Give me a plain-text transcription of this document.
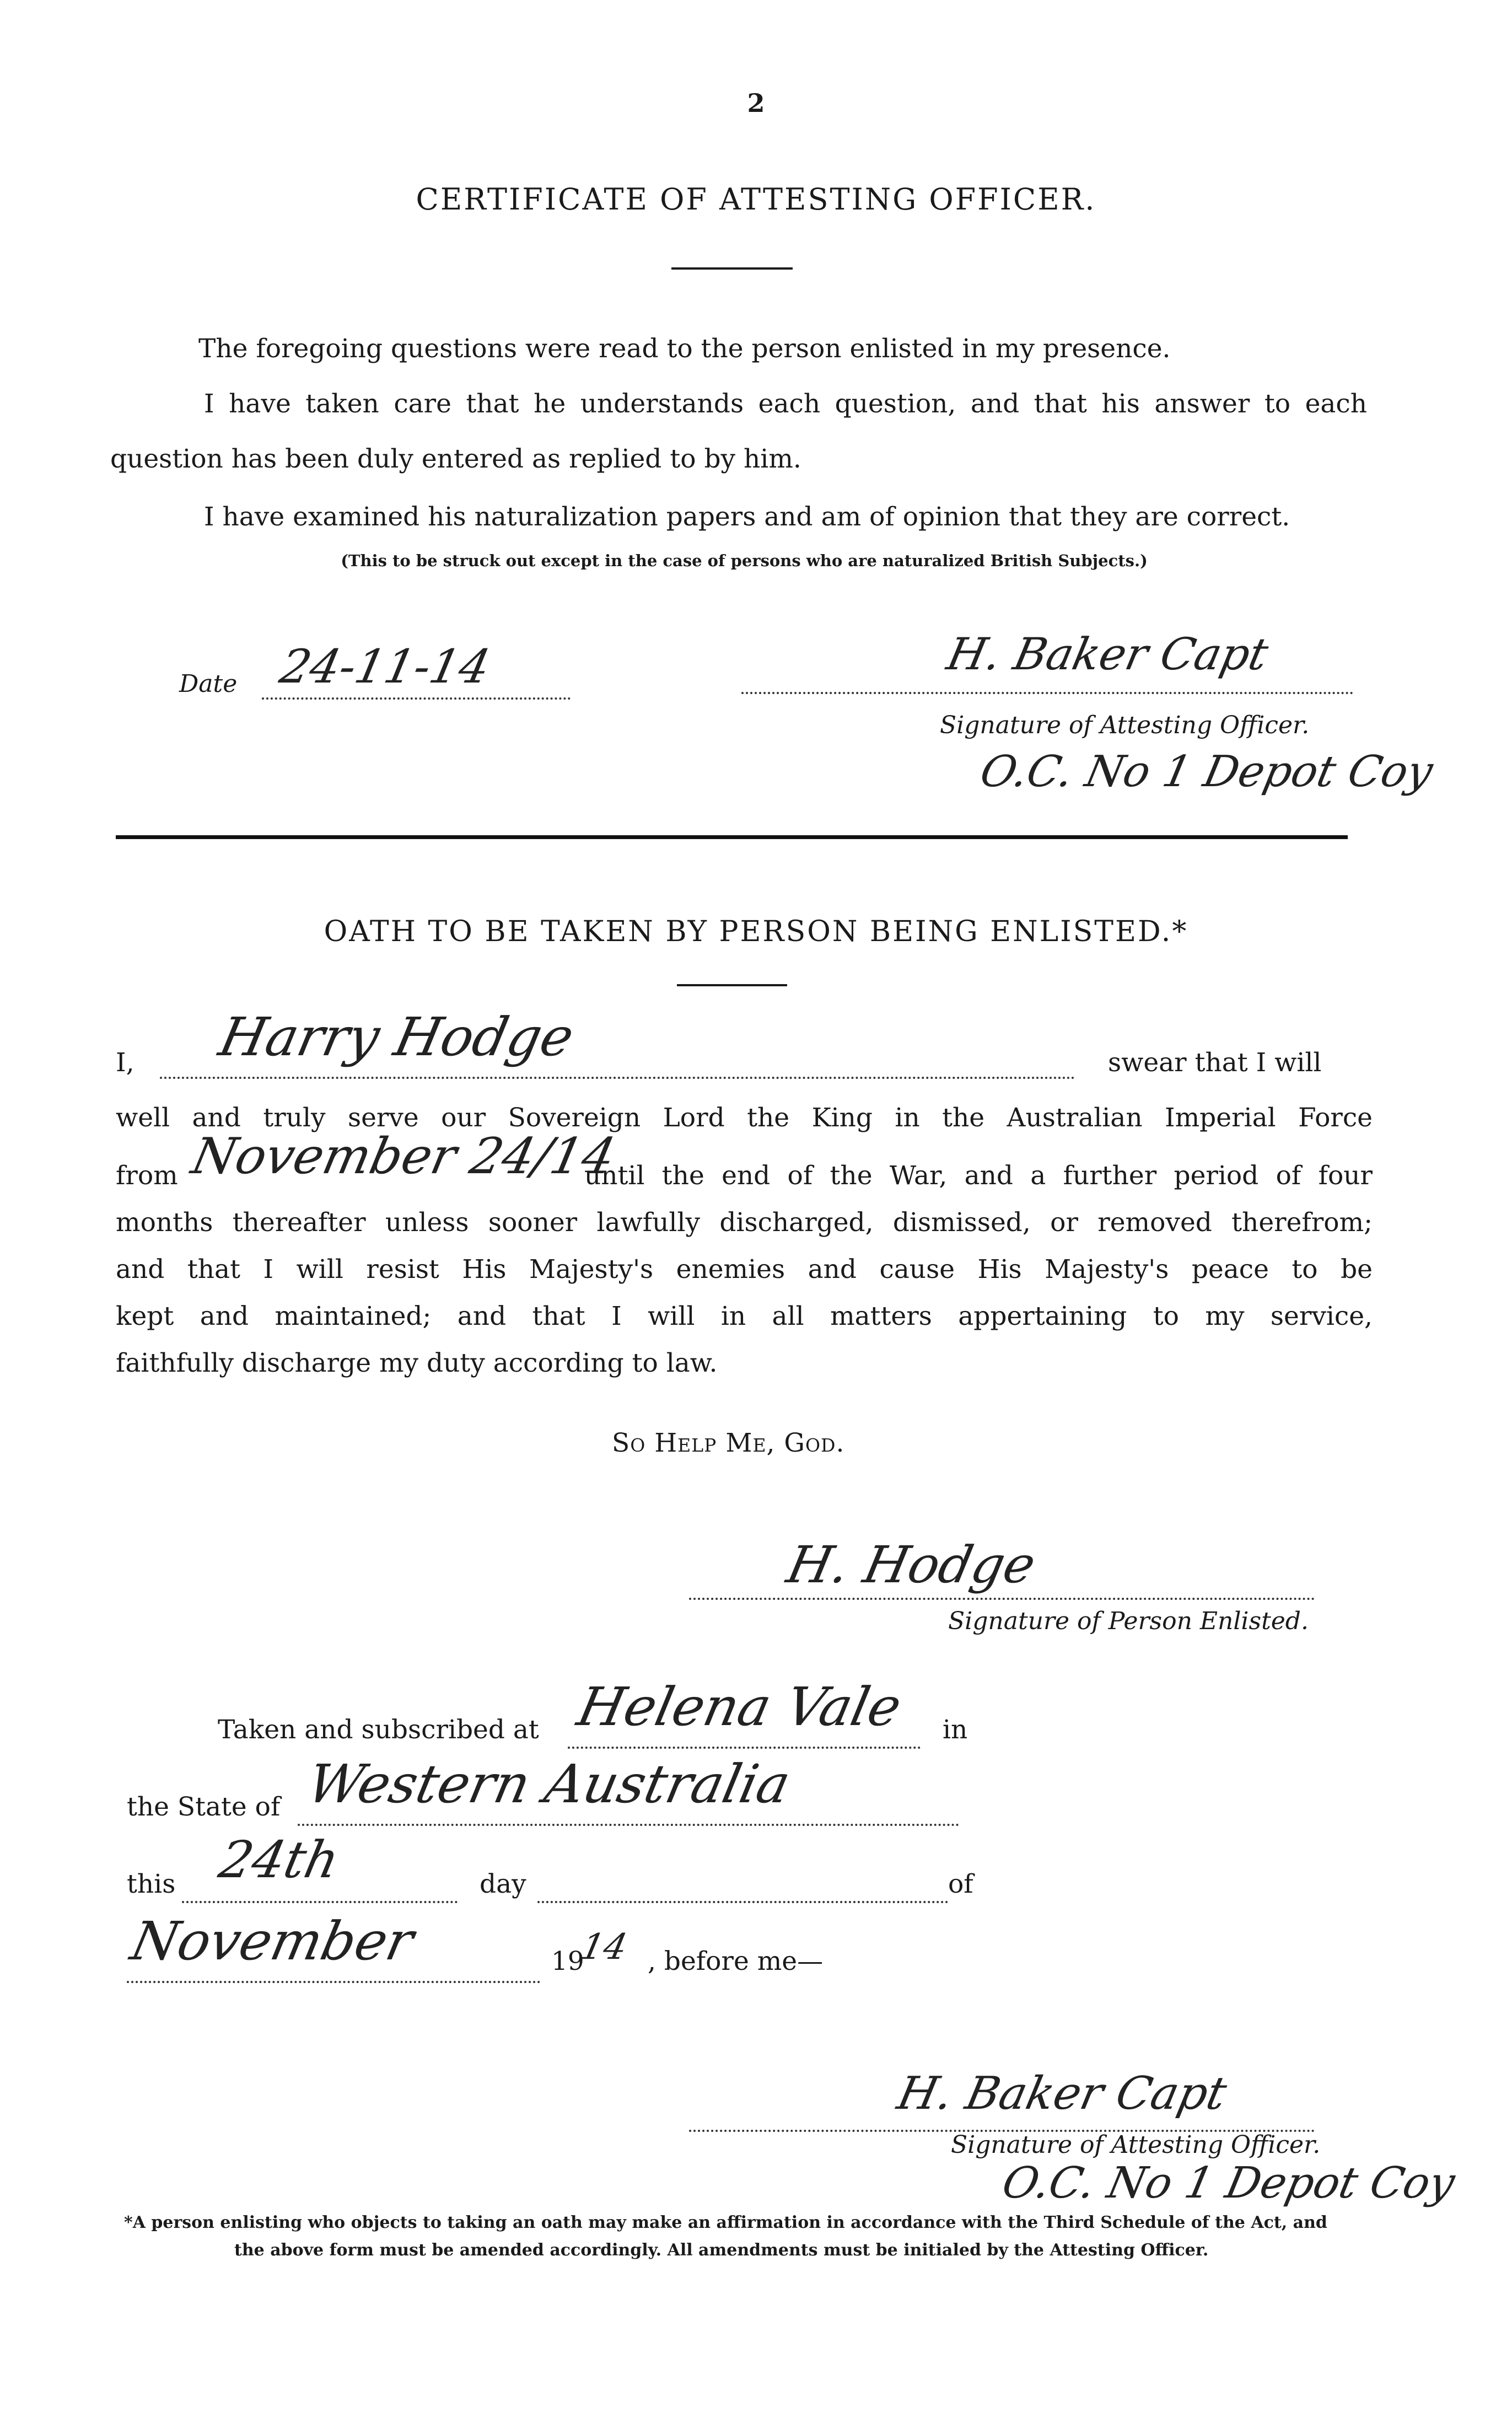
2
CERTIFICATE OF ATTESTING OFFICER.
The foregoing questions were read to the person enlisted in my presence.
I have taken care that he understands each question, and that his answer to each
question has been duly entered as replied to by him.
I have examined his naturalization papers and am of opinion that they are correct.
(This to be struck out except in the case of persons who are naturalized British Subjects.)
Date 24-11-14	H. Baker Capt
Signature of Attesting Officer.
O.C. No 1 Depot Coy
OATH TO BE TAKEN BY PERSON BEING ENLISTED.*
I, Harry Hodge	swear that I will
well and truly serve our Sovereign Lord the King in the Australian Imperial Force
from November 24/14
until the end of the War, and a further period of four
months thereafter unless sooner lawfully discharged, dismissed, or removed therefrom;
and that I will resist His Majesty's enemies and cause His Majesty's peace to be
kept and maintained; and that I will in all matters appertaining to my service,
faithfully discharge my duty according to law.
So Help Me, God.
H. Hodge
Signature of Person Enlisted.
Taken and subscribed at Helena Vale in
the State of Western Australia
this 24th	day	of
November	19
14 , before me—
H. Baker Capt
Signature of Attesting Officer.
O.C. No 1 Depot Coy
*A person enlisting who objects to taking an oath may make an affirmation in accordance with the Third Schedule of the Act, and
the above form must be amended accordingly. All amendments must be initialed by the Attesting Officer.
